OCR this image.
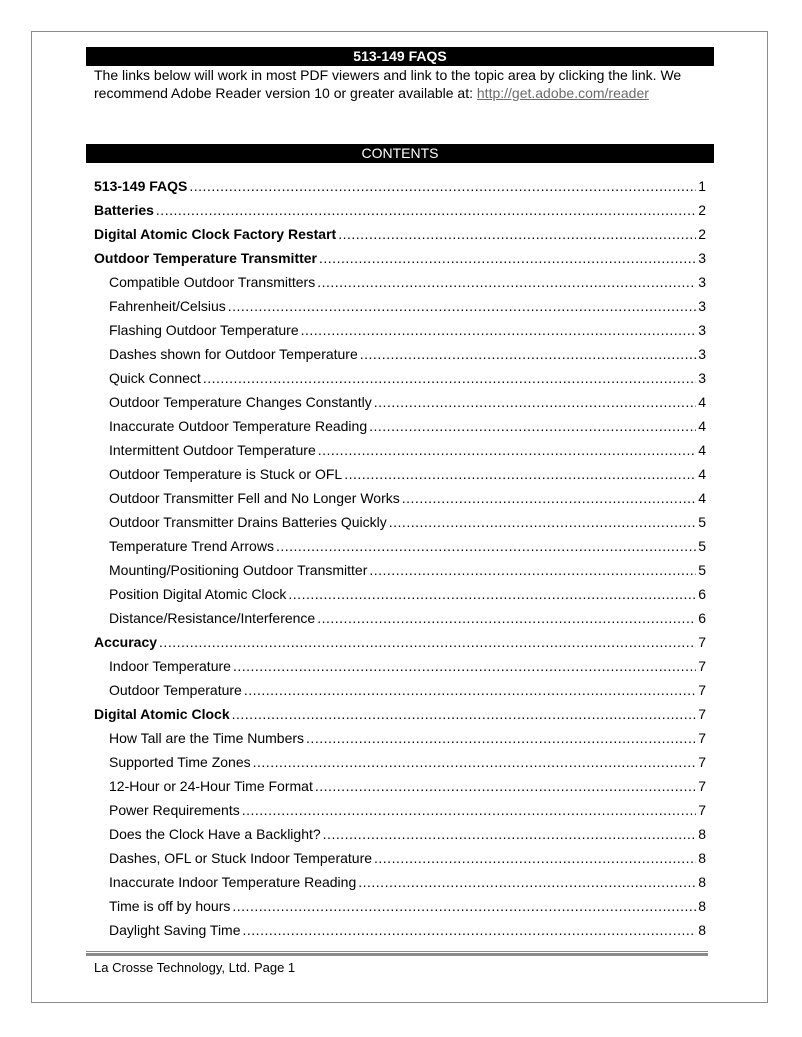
513-149 FAQS
The links below will work in most PDF viewers and link to the topic area by clicking the link. We recommend Adobe Reader version 10 or greater available at: http://get.adobe.com/reader
CONTENTS
513-149 FAQS .....	1
Batteries .....	2
Digital Atomic Clock Factory Restart .....	2
Outdoor Temperature Transmitter .....	3
Compatible Outdoor Transmitters .....	3
Fahrenheit/Celsius .....	3
Flashing Outdoor Temperature .....	3
Dashes shown for Outdoor Temperature .....	3
Quick Connect .....	3
Outdoor Temperature Changes Constantly .....	4
Inaccurate Outdoor Temperature Reading .....	4
Intermittent Outdoor Temperature .....	4
Outdoor Temperature is Stuck or OFL .....	4
Outdoor Transmitter Fell and No Longer Works .....	4
Outdoor Transmitter Drains Batteries Quickly .....	5
Temperature Trend Arrows .....	5
Mounting/Positioning Outdoor Transmitter .....	5
Position Digital Atomic Clock .....	6
Distance/Resistance/Interference .....	6
Accuracy .....	7
Indoor Temperature .....	7
Outdoor Temperature .....	7
Digital Atomic Clock .....	7
How Tall are the Time Numbers .....	7
Supported Time Zones .....	7
12-Hour or 24-Hour Time Format .....	7
Power Requirements .....	7
Does the Clock Have a Backlight? .....	8
Dashes, OFL or Stuck Indoor Temperature .....	8
Inaccurate Indoor Temperature Reading .....	8
Time is off by hours .....	8
Daylight Saving Time .....	8
La Crosse Technology, Ltd. Page 1
